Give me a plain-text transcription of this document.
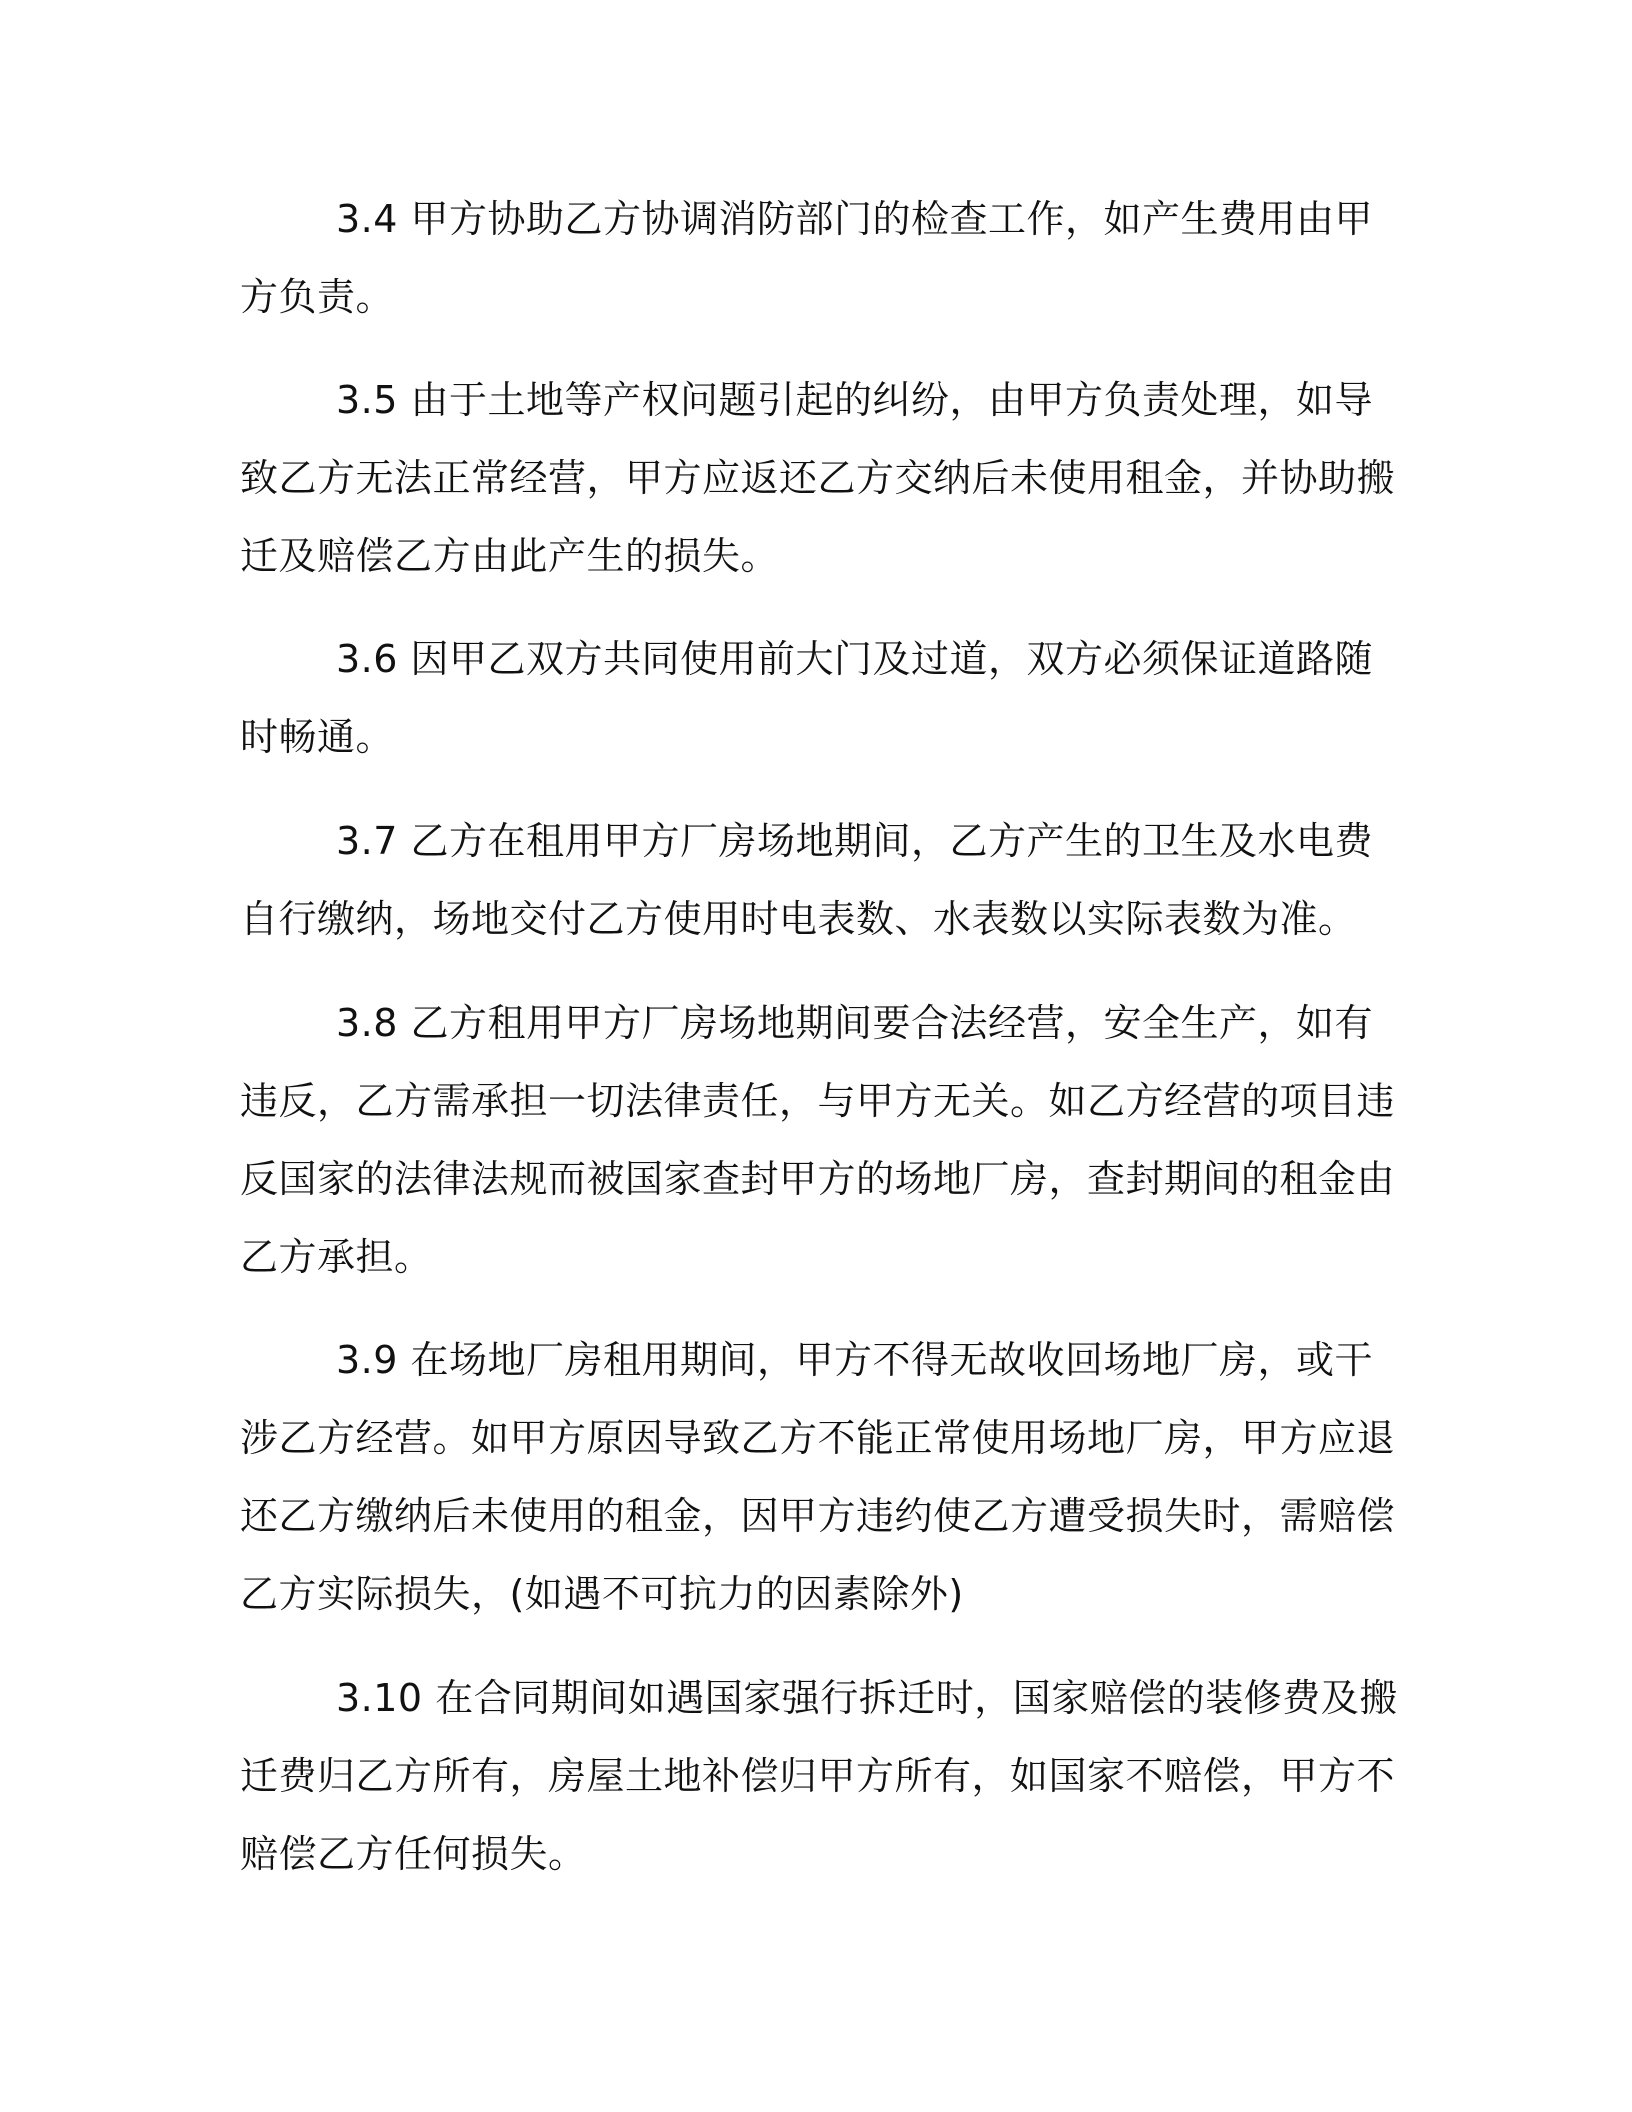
3.4 甲方协助乙方协调消防部门的检查工作，如产生费用由甲方负责。

3.5 由于土地等产权问题引起的纠纷，由甲方负责处理，如导致乙方无法正常经营，甲方应返还乙方交纳后未使用租金，并协助搬迁及赔偿乙方由此产生的损失。

3.6 因甲乙双方共同使用前大门及过道，双方必须保证道路随时畅通。

3.7 乙方在租用甲方厂房场地期间，乙方产生的卫生及水电费自行缴纳，场地交付乙方使用时电表数、水表数以实际表数为准。

3.8 乙方租用甲方厂房场地期间要合法经营，安全生产，如有违反，乙方需承担一切法律责任，与甲方无关。如乙方经营的项目违反国家的法律法规而被国家查封甲方的场地厂房，查封期间的租金由乙方承担。

3.9 在场地厂房租用期间，甲方不得无故收回场地厂房，或干涉乙方经营。如甲方原因导致乙方不能正常使用场地厂房，甲方应退还乙方缴纳后未使用的租金，因甲方违约使乙方遭受损失时，需赔偿乙方实际损失，(如遇不可抗力的因素除外)

3.10 在合同期间如遇国家强行拆迁时，国家赔偿的装修费及搬迁费归乙方所有，房屋土地补偿归甲方所有，如国家不赔偿，甲方不赔偿乙方任何损失。
